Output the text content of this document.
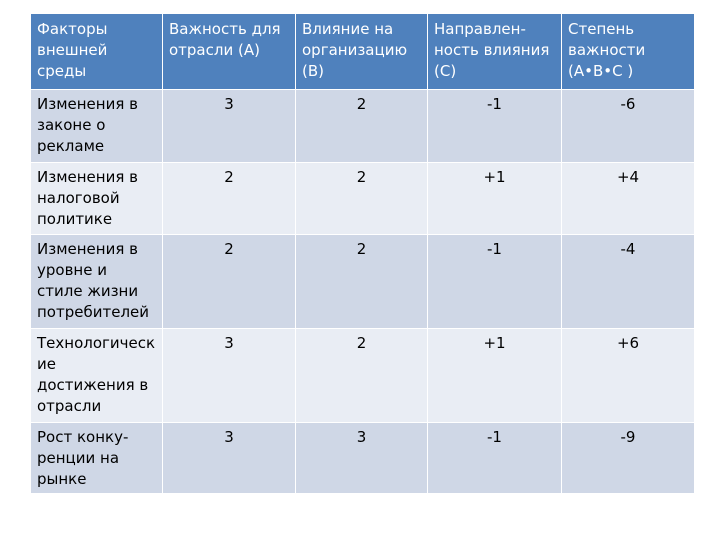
Факторы внешней среды	Важность для отрасли (А)	Влияние на организацию (В)	Направлен-ность влияния (С)	Степень важности (А•В•С )
Изменения в законе о рекламе	3	2	-1	-6
Изменения в налоговой политике	2	2	+1	+4
Изменения в уровне и стиле жизни потребителей	2	2	-1	-4
Технологическ ие достижения в отрасли	3	2	+1	+6
Рост конку-ренции на рынке	3	3	-1	-9
